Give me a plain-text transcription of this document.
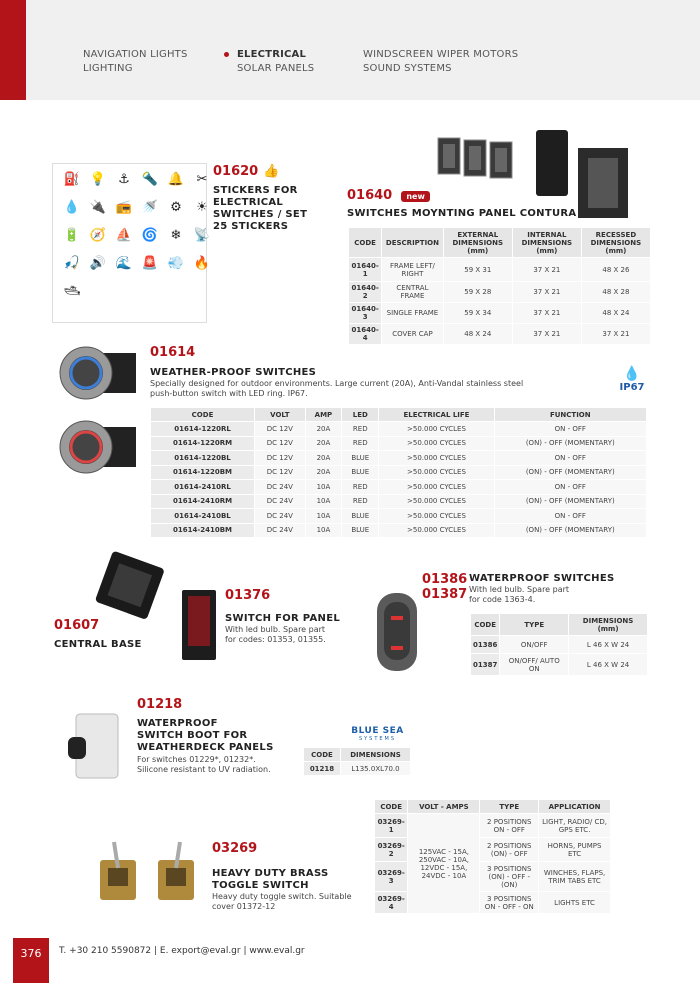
NAVIGATION LIGHTS
LIGHTING
ELECTRICAL
SOLAR PANELS
WINDSCREEN WIPER MOTORS
SOUND SYSTEMS
⛽ 💡 ⚓ 🔦 🔔 ✂
💧 🔌 📻 🚿 ⚙	☀
🔋 🧭 ⛵ 🌀 ❄ 📡
🎣 🔊 🌊 🚨 💨 🔥
🛥
01620 👍
STICKERS FOR
ELECTRICAL
SWITCHES / SET
25 STICKERS
01640 new
SWITCHES MOYNTING PANEL CONTURA
CODE	DESCRIPTION	EXTERNAL DIMENSIONS (mm)	INTERNAL DIMENSIONS (mm)	RECESSED DIMENSIONS (mm)
01640-1	FRAME LEFT/ RIGHT	59 X 31	37 X 21	48 X 26
01640-2	CENTRAL FRAME	59 X 28	37 X 21	48 X 28
01640-3	SINGLE FRAME	59 X 34	37 X 21	48 X 24
01640-4	COVER CAP	48 X 24	37 X 21	37 X 21
01614
WEATHER-PROOF SWITCHES
Specially designed for outdoor environments. Large current (20A), Anti-Vandal stainless steel
push-button switch with LED ring. IP67.
💧
IP67
CODE	VOLT	AMP	LED	ELECTRICAL LIFE	FUNCTION
01614-1220RL	DC 12V	20A	RED	>50.000 CYCLES	ON - OFF
01614-1220RM	DC 12V	20A	RED	>50.000 CYCLES	(ON) - OFF (MOMENTARY)
01614-1220BL	DC 12V	20A	BLUE	>50.000 CYCLES	ON - OFF
01614-1220BM	DC 12V	20A	BLUE	>50.000 CYCLES	(ON) - OFF (MOMENTARY)
01614-2410RL	DC 24V	10A	RED	>50.000 CYCLES	ON - OFF
01614-2410RM	DC 24V	10A	RED	>50.000 CYCLES	(ON) - OFF (MOMENTARY)
01614-2410BL	DC 24V	10A	BLUE	>50.000 CYCLES	ON - OFF
01614-2410BM	DC 24V	10A	BLUE	>50.000 CYCLES	(ON) - OFF (MOMENTARY)
01607
CENTRAL BASE
01376
SWITCH FOR PANEL
With led bulb. Spare part
for codes: 01353, 01355.
01386
01387
WATERPROOF SWITCHES
With led bulb. Spare part
for code 1363-4.
CODE	TYPE	DIMENSIONS (mm)
01386	ON/OFF	L 46 X W 24
01387	ON/OFF/ AUTO ON	L 46 X W 24
01218
WATERPROOF
SWITCH BOOT FOR
WEATHERDECK PANELS
For switches 01229*, 01232*.
Silicone resistant to UV radiation.
BLUE SEA
SYSTEMS
CODE	DIMENSIONS
01218	L135.0XL70.0
03269
HEAVY DUTY BRASS
TOGGLE SWITCH
Heavy duty toggle switch. Suitable
cover 01372-12
CODE	VOLT - AMPS	TYPE	APPLICATION
03269-1	125VAC - 15A, 250VAC - 10A, 12VDC - 15A, 24VDC - 10A	2 POSITIONS ON - OFF	LIGHT, RADIO/ CD, GPS ETC.
03269-2		2 POSITIONS (ON) - OFF	HORNS, PUMPS ETC
03269-3		3 POSITIONS (ON) - OFF - (ON)	WINCHES, FLAPS, TRIM TABS ETC
03269-4		3 POSITIONS ON - OFF - ON	LIGHTS ETC
376	T. +30 210 5590872 | E. export@eval.gr | www.eval.gr
